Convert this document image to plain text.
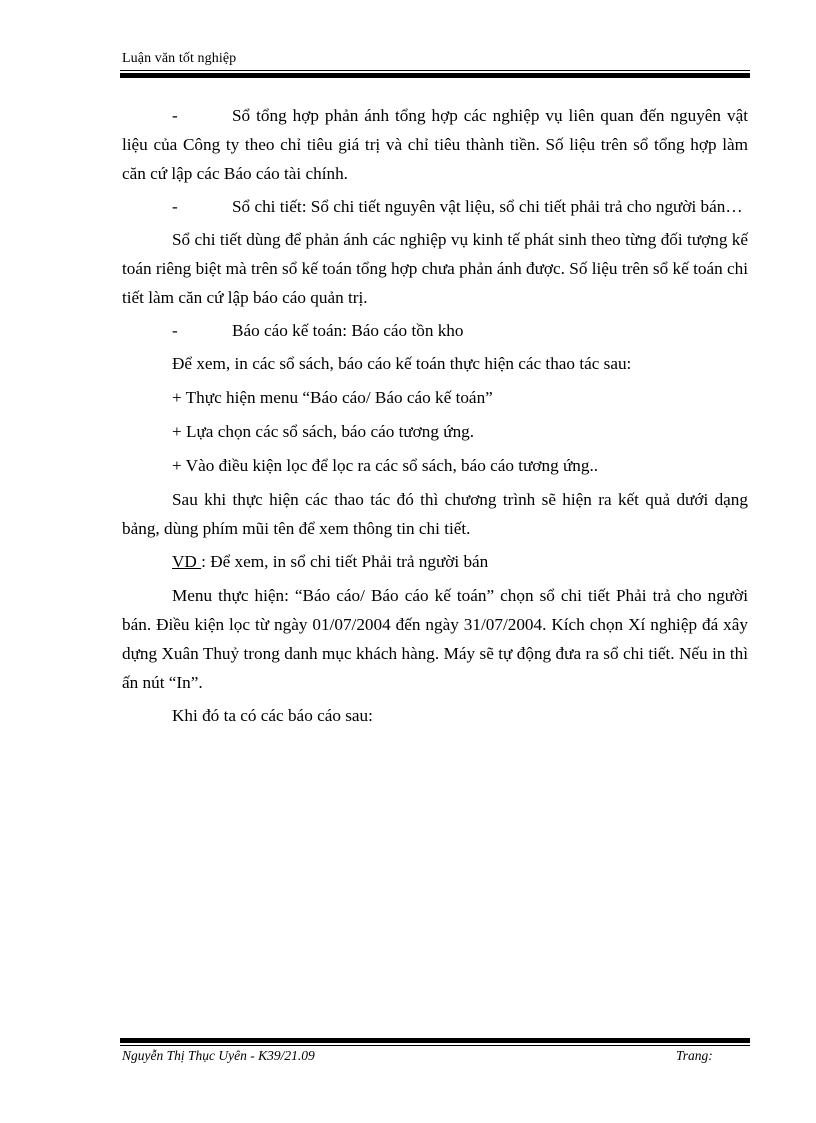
Luận văn tốt nghiệp

-	Sổ tổng hợp phản ánh tổng hợp các nghiệp vụ liên quan đến nguyên vật liệu của Công ty theo chỉ tiêu giá trị và chỉ tiêu thành tiền. Số liệu trên sổ tổng hợp làm căn cứ lập các Báo cáo tài chính.

-	Sổ chi tiết: Sổ chi tiết nguyên vật liệu, sổ chi tiết phải trả cho người bán…

Sổ chi tiết dùng để phản ánh các nghiệp vụ kinh tế phát sinh theo từng đối tượng kế toán riêng biệt mà trên sổ kế toán tổng hợp chưa phản ánh được. Số liệu trên sổ kế toán chi tiết làm căn cứ lập báo cáo quản trị.

-	Báo cáo kế toán: Báo cáo tồn kho

Để xem, in các sổ sách, báo cáo kế toán thực hiện các thao tác sau:

+ Thực hiện menu “Báo cáo/ Báo cáo kế toán”

+ Lựa chọn các sổ sách, báo cáo tương ứng.

+ Vào điều kiện lọc để lọc ra các sổ sách, báo cáo tương ứng..

Sau khi thực hiện các thao tác đó thì chương trình sẽ hiện ra kết quả dưới dạng bảng, dùng phím mũi tên để xem thông tin chi tiết.

VD : Để xem, in sổ chi tiết Phải trả người bán

Menu thực hiện: “Báo cáo/ Báo cáo kế toán” chọn sổ chi tiết Phải trả cho người bán. Điều kiện lọc từ ngày 01/07/2004 đến ngày 31/07/2004. Kích chọn Xí nghiệp đá xây dựng Xuân Thuỷ trong danh mục khách hàng. Máy sẽ tự động đưa ra sổ chi tiết. Nếu in thì ấn nút “In”.

Khi đó ta có các báo cáo sau:

Nguyễn Thị Thục Uyên - K39/21.09	Trang:
